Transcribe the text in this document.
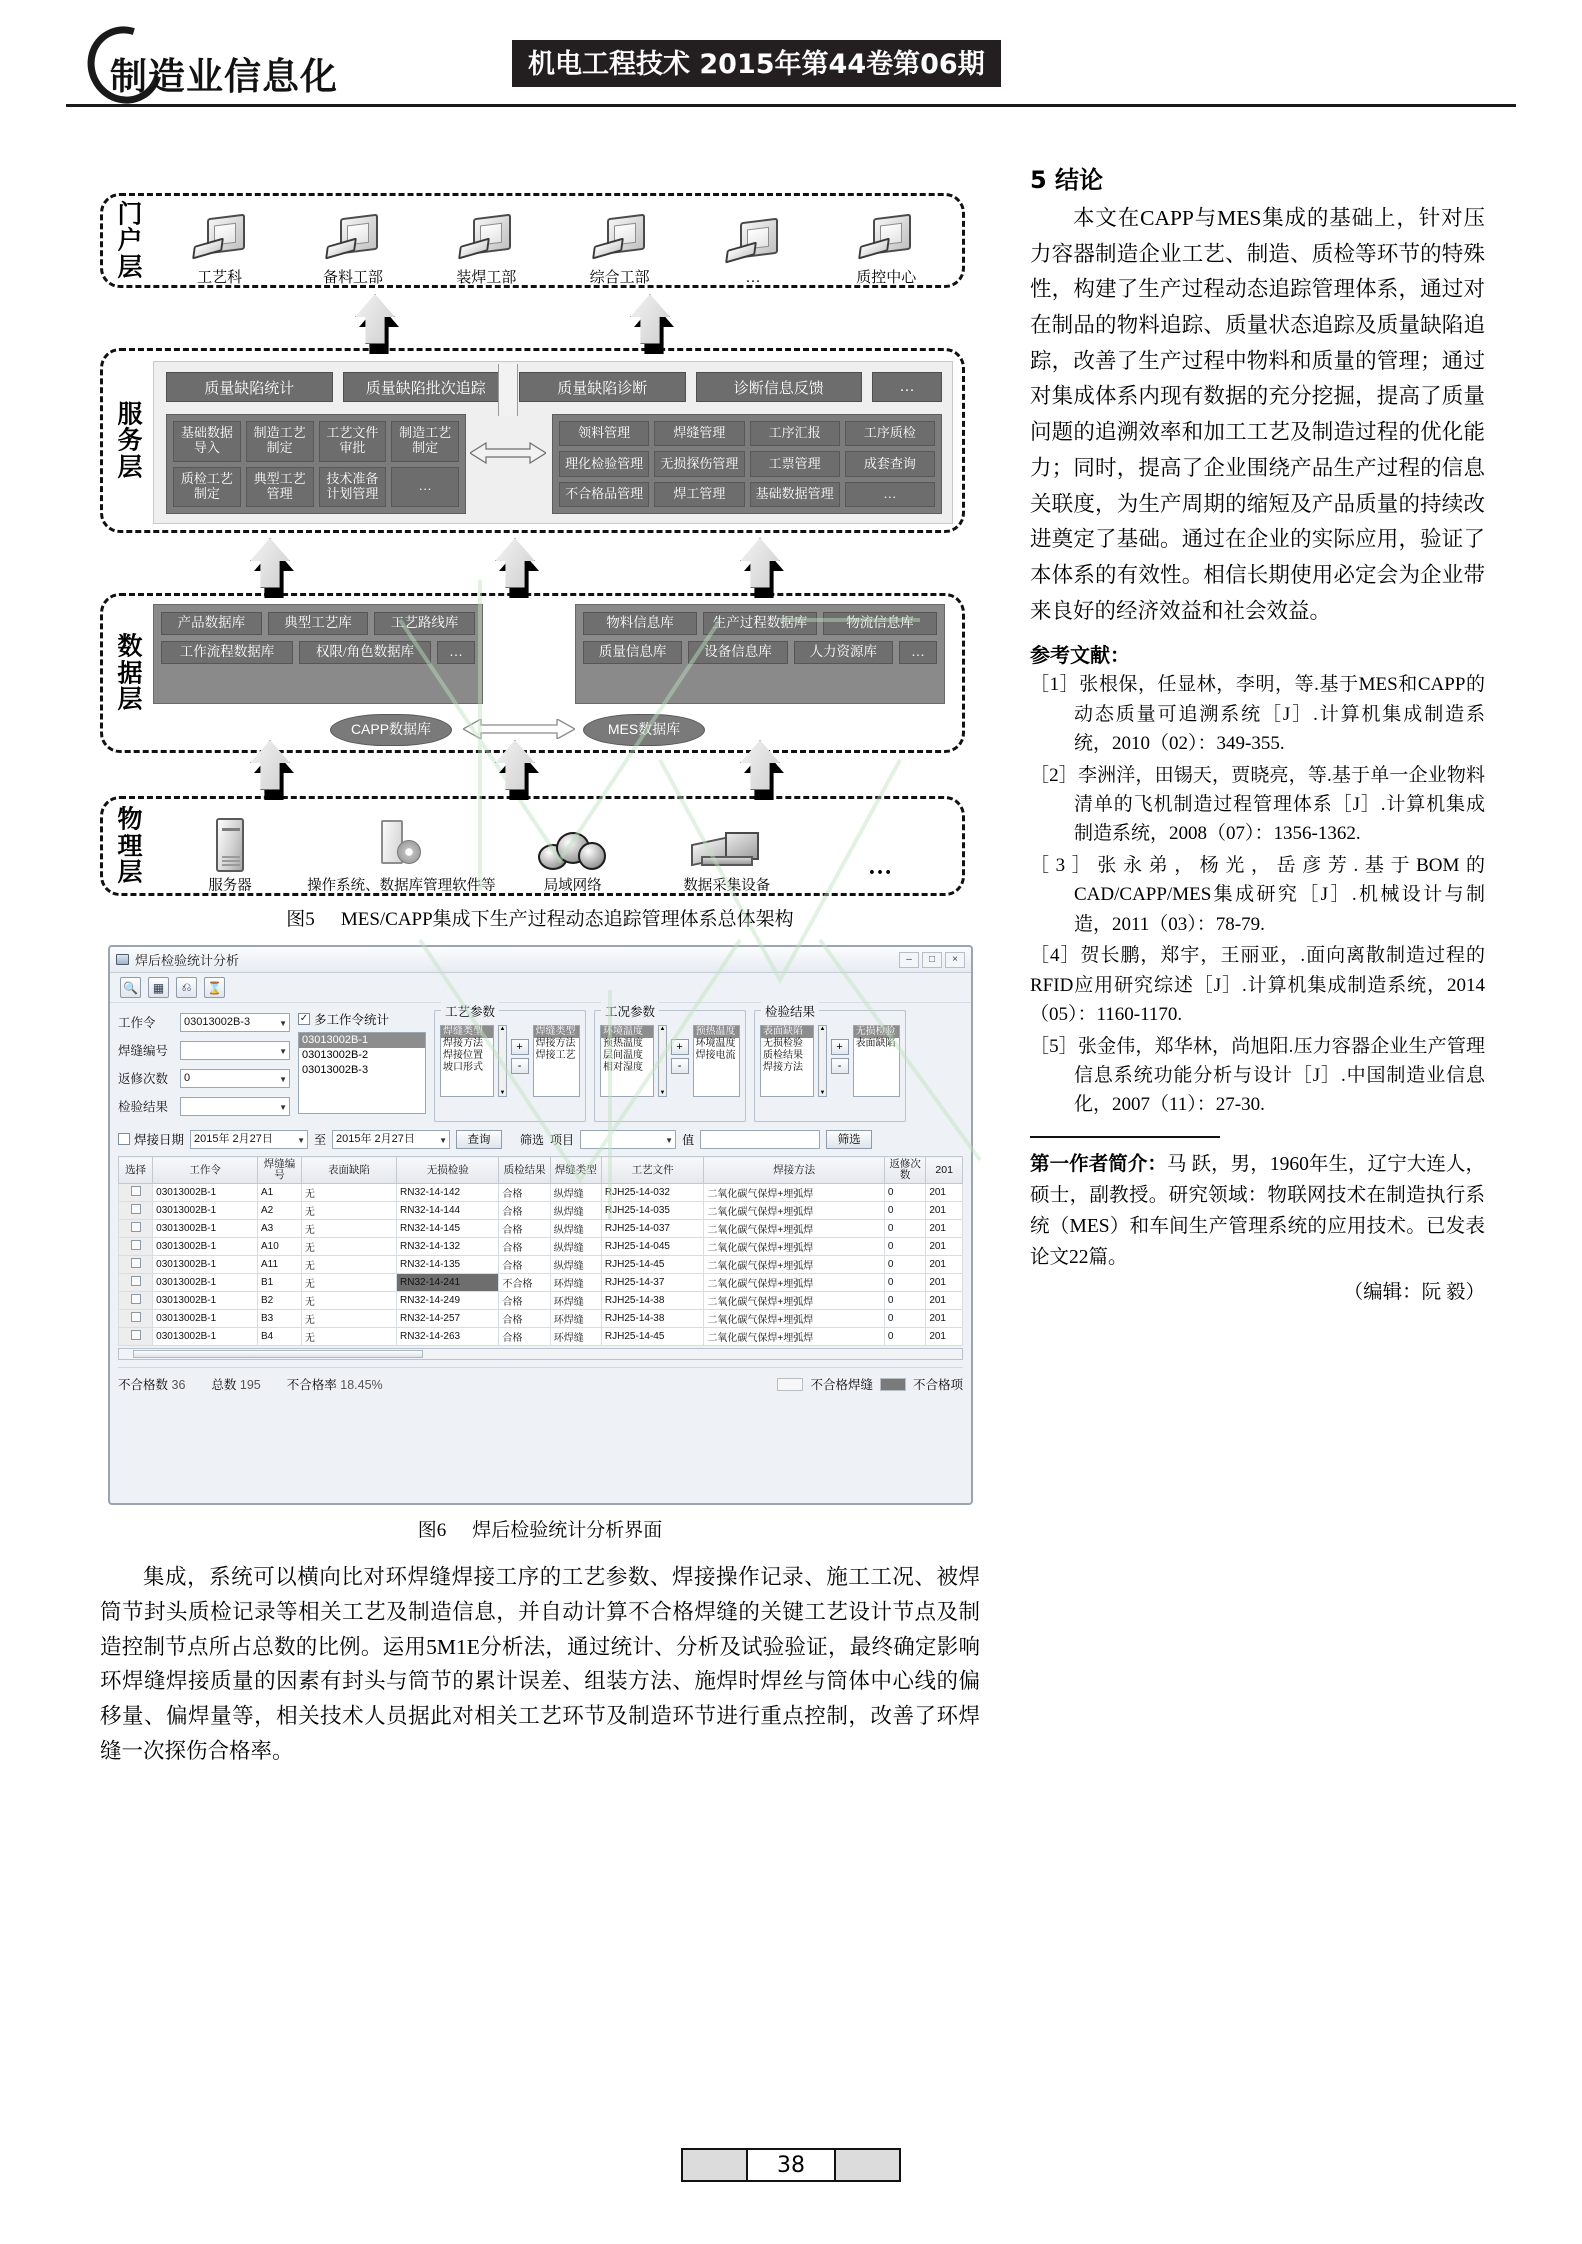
制造业信息化	机电工程技术 2015年第44卷第06期
门户层	工艺科	备料工部	装焊工部	综合工部	…	质控中心
服务层
质量缺陷统计	质量缺陷批次追踪	质量缺陷诊断	诊断信息反馈	…
基础数据导入
制造工艺制定
工艺文件审批
制造工艺制定
质检工艺制定
典型工艺管理
技术准备计划管理	…
领料管理	焊缝管理	工序汇报	工序质检
理化检验管理	无损探伤管理	工票管理	成套查询
不合格品管理	焊工管理	基础数据管理	…
数据层
产品数据库	典型工艺库	工艺路线库
工作流程数据库	权限/角色数据库	…
物料信息库	生产过程数据库	物流信息库
质量信息库	设备信息库	人力资源库	…
CAPP数据库	MES数据库
物理层	服务器	操作系统、数据库管理软件等	局域网络	数据采集设备
…
图5 MES/CAPP集成下生产过程动态追踪管理体系总体架构
焊后检验统计分析	–	□	×
🔍	▦	⎌	⌛
工作令	03013002B-3 ▼
焊缝编号
▼
返修次数	0 ▼
检验结果
▼
✓ 多工作令统计
03013002B-1
03013002B-2
03013002B-3
工艺参数
焊缝类型
焊接方法
焊接位置
坡口形式
▲ ▼
+
-
焊缝类型
焊接方法
焊接工艺
工况参数
环境温度
预热温度
层间温度
相对湿度
▲ ▼
+
-
预热温度
环境温度
焊接电流
检验结果
表面缺陷
无损检验
质检结果
焊接方法
▲ ▼
+
-
无损检验
表面缺陷
焊接日期 2015年 2月27日 ▼	至 2015年 2月27日 ▼	查询	筛选 项目 ▼	值	筛选
选择	工作令	焊缝编号	表面缺陷	无损检验	质检结果	焊缝类型	工艺文件	焊接方法	返修次数	201
	03013002B-1	A1	无	RN32-14-142	合格	纵焊缝	RJH25-14-032	二氧化碳气保焊+埋弧焊	0	201
	03013002B-1	A2	无	RN32-14-144	合格	纵焊缝	RJH25-14-035	二氧化碳气保焊+埋弧焊	0	201
	03013002B-1	A3	无	RN32-14-145	合格	纵焊缝	RJH25-14-037	二氧化碳气保焊+埋弧焊	0	201
	03013002B-1	A10	无	RN32-14-132	合格	纵焊缝	RJH25-14-045	二氧化碳气保焊+埋弧焊	0	201
	03013002B-1	A11	无	RN32-14-135	合格	纵焊缝	RJH25-14-45	二氧化碳气保焊+埋弧焊	0	201
	03013002B-1	B1	无	RN32-14-241	不合格	环焊缝	RJH25-14-37	二氧化碳气保焊+埋弧焊	0	201
	03013002B-1	B2	无	RN32-14-249	合格	环焊缝	RJH25-14-38	二氧化碳气保焊+埋弧焊	0	201
	03013002B-1	B3	无	RN32-14-257	合格	环焊缝	RJH25-14-38	二氧化碳气保焊+埋弧焊	0	201
	03013002B-1	B4	无	RN32-14-263	合格	环焊缝	RJH25-14-45	二氧化碳气保焊+埋弧焊	0	201
不合格数 36 总数 195 不合格率 18.45%	不合格焊缝	不合格项
图6 焊后检验统计分析界面

集成，系统可以横向比对环焊缝焊接工序的工艺参数、焊接操作记录、施工工况、被焊筒节封头质检记录等相关工艺及制造信息，并自动计算不合格焊缝的关键工艺设计节点及制造控制节点所占总数的比例。运用5M1E分析法，通过统计、分析及试验验证，最终确定影响环焊缝焊接质量的因素有封头与筒节的累计误差、组装方法、施焊时焊丝与筒体中心线的偏移量、偏焊量等，相关技术人员据此对相关工艺环节及制造环节进行重点控制，改善了环焊缝一次探伤合格率。

5 结论

本文在CAPP与MES集成的基础上，针对压力容器制造企业工艺、制造、质检等环节的特殊性，构建了生产过程动态追踪管理体系，通过对在制品的物料追踪、质量状态追踪及质量缺陷追踪，改善了生产过程中物料和质量的管理；通过对集成体系内现有数据的充分挖掘，提高了质量问题的追溯效率和加工工艺及制造过程的优化能力；同时，提高了企业围绕产品生产过程的信息关联度，为生产周期的缩短及产品质量的持续改进奠定了基础。通过在企业的实际应用，验证了本体系的有效性。相信长期使用必定会为企业带来良好的经济效益和社会效益。

参考文献：
［1］张根保，任显林，李明，等.基于MES和CAPP的动态质量可追溯系统［J］.计算机集成制造系统，2010（02）：349-355.
［2］李洲洋，田锡天，贾晓亮，等.基于单一企业物料清单的飞机制造过程管理体系［J］.计算机集成制造系统，2008（07）：1356-1362.
［3］张永弟，杨光，岳彦芳.基于BOM的CAD/CAPP/MES集成研究［J］.机械设计与制造，2011（03）：78-79.
［4］贺长鹏，郑宇，王丽亚，.面向离散制造过程的RFID应用研究综述［J］.计算机集成制造系统，2014（05）：1160-1170.
［5］张金伟，郑华林，尚旭阳.压力容器企业生产管理信息系统功能分析与设计［J］.中国制造业信息化，2007（11）：27-30.
第一作者简介：马 跃，男，1960年生，辽宁大连人，硕士，副教授。研究领域：物联网技术在制造执行系统（MES）和车间生产管理系统的应用技术。已发表论文22篇。
（编辑：阮 毅）
38
